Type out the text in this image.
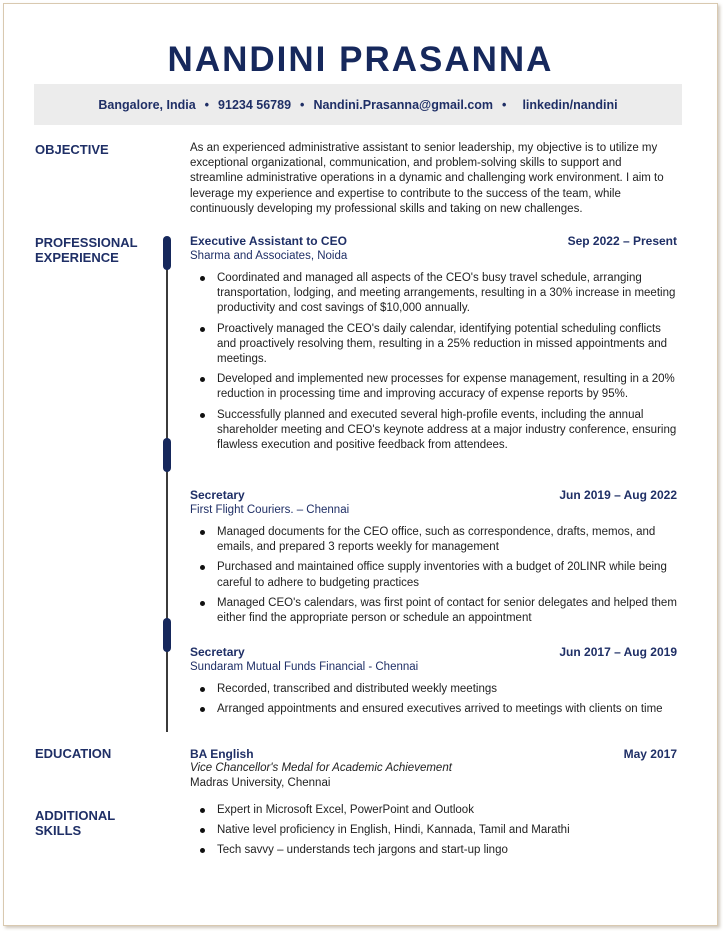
NANDINI PRASANNA
Bangalore, India • 91234 56789 • Nandini.Prasanna@gmail.com • linkedin/nandini
OBJECTIVE	As an experienced administrative assistant to senior leadership, my objective is to utilize my exceptional organizational, communication, and problem-solving skills to support and streamline administrative operations in a dynamic and challenging work environment. I aim to leverage my experience and expertise to contribute to the success of the team, while continuously developing my professional skills and taking on new challenges.
PROFESSIONAL
EXPERIENCE
Executive Assistant to CEO	Sep 2022 – Present
Sharma and Associates, Noida
Coordinated and managed all aspects of the CEO's busy travel schedule, arranging transportation, lodging, and meeting arrangements, resulting in a 30% increase in meeting productivity and cost savings of $10,000 annually.
Proactively managed the CEO's daily calendar, identifying potential scheduling conflicts and proactively resolving them, resulting in a 25% reduction in missed appointments and meetings.
Developed and implemented new processes for expense management, resulting in a 20% reduction in processing time and improving accuracy of expense reports by 95%.
Successfully planned and executed several high-profile events, including the annual shareholder meeting and CEO's keynote address at a major industry conference, ensuring flawless execution and positive feedback from attendees.
Secretary	Jun 2019 – Aug 2022
First Flight Couriers. – Chennai
Managed documents for the CEO office, such as correspondence, drafts, memos, and emails, and prepared 3 reports weekly for management
Purchased and maintained office supply inventories with a budget of 20LINR while being careful to adhere to budgeting practices
Managed CEO's calendars, was first point of contact for senior delegates and helped them either find the appropriate person or schedule an appointment
Secretary	Jun 2017 – Aug 2019
Sundaram Mutual Funds Financial - Chennai
Recorded, transcribed and distributed weekly meetings
Arranged appointments and ensured executives arrived to meetings with clients on time
EDUCATION	BA English	May 2017
Vice Chancellor's Medal for Academic Achievement
Madras University, Chennai
ADDITIONAL
SKILLS
Expert in Microsoft Excel, PowerPoint and Outlook
Native level proficiency in English, Hindi, Kannada, Tamil and Marathi
Tech savvy – understands tech jargons and start-up lingo
